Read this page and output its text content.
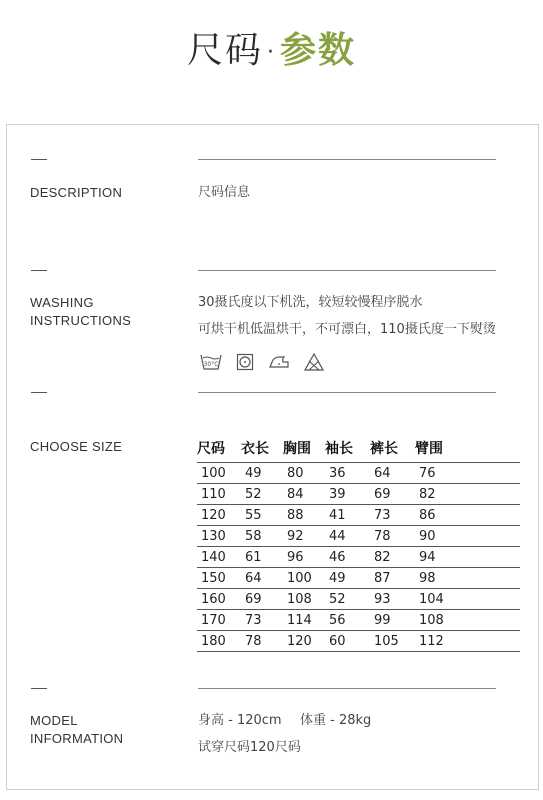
尺码 · 参数
DESCRIPTION	尺码信息
WASHING
INSTRUCTIONS
30摄氏度以下机洗，较短较慢程序脱水
可烘干机低温烘干，不可漂白，110摄氏度一下熨烫
30°C
CHOOSE SIZE	尺码	衣长	胸围	袖长	裤长	臂围
100	49	80	36	64	76
110	52	84	39	69	82
120	55	88	41	73	86
130	58	92	44	78	90
140	61	96	46	82	94
150	64	100	49	87	98
160	69	108	52	93	104
170	73	114	56	99	108
180	78	120	60	105	112
MODEL
INFORMATION
身高 - 120cm 体重 - 28kg
试穿尺码120尺码
